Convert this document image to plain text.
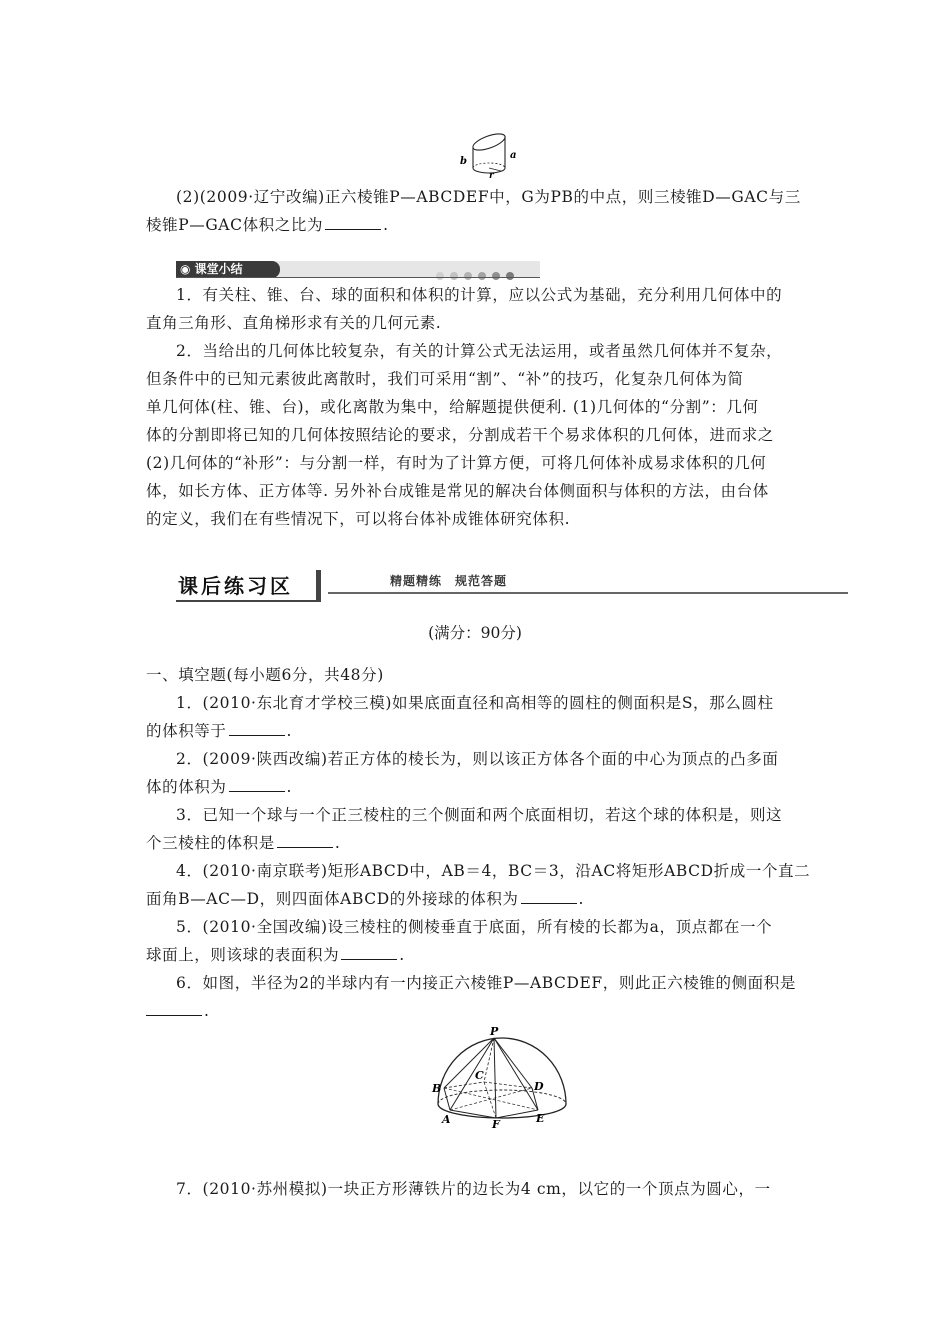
b
a
r
(2)(2009·辽宁改编)正六棱锥P—ABCDEF中，G为PB的中点，则三棱锥D—GAC与三
棱锥P—GAC体积之比为	.
◉ 课堂小结
1．有关柱、锥、台、球的面积和体积的计算，应以公式为基础，充分利用几何体中的
直角三角形、直角梯形求有关的几何元素.
2．当给出的几何体比较复杂，有关的计算公式无法运用，或者虽然几何体并不复杂，
但条件中的已知元素彼此离散时，我们可采用“割”、“补”的技巧，化复杂几何体为简
单几何体(柱、锥、台)，或化离散为集中，给解题提供便利. (1)几何体的“分割”：几何
体的分割即将已知的几何体按照结论的要求，分割成若干个易求体积的几何体，进而求之
(2)几何体的“补形”：与分割一样，有时为了计算方便，可将几何体补成易求体积的几何
体，如长方体、正方体等. 另外补台成锥是常见的解决台体侧面积与体积的方法，由台体
的定义，我们在有些情况下，可以将台体补成锥体研究体积.
课后练习区	精题精练　规范答题
(满分：90分)
一、填空题(每小题6分，共48分)
1．(2010·东北育才学校三模)如果底面直径和高相等的圆柱的侧面积是S，那么圆柱
的体积等于	.
2．(2009·陕西改编)若正方体的棱长为，则以该正方体各个面的中心为顶点的凸多面
体的体积为	.
3．已知一个球与一个正三棱柱的三个侧面和两个底面相切，若这个球的体积是，则这
个三棱柱的体积是	.
4．(2010·南京联考)矩形ABCD中，AB＝4，BC＝3，沿AC将矩形ABCD折成一个直二
面角B—AC—D，则四面体ABCD的外接球的体积为	.
5．(2010·全国改编)设三棱柱的侧棱垂直于底面，所有棱的长都为a，顶点都在一个
球面上，则该球的表面积为	.
6．如图，半径为2的半球内有一内接正六棱锥P—ABCDEF，则此正六棱锥的侧面积是
.
P
C
B	D
A	E
F
7．(2010·苏州模拟)一块正方形薄铁片的边长为4 cm，以它的一个顶点为圆心，一
